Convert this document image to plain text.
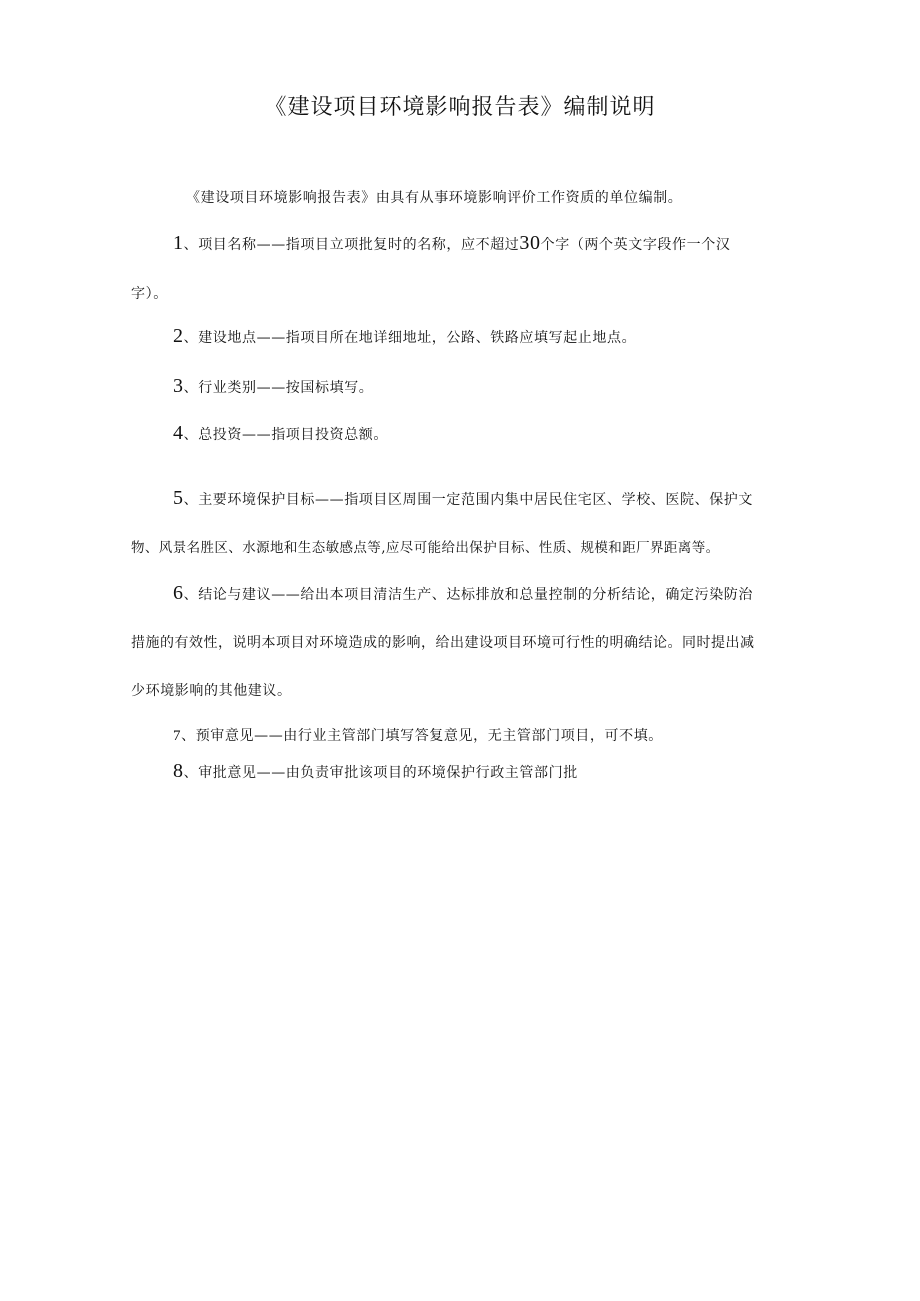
《建设项目环境影响报告表》编制说明
《建设项目环境影响报告表》由具有从事环境影响评价工作资质的单位编制。
1、项目名称——指项目立项批复时的名称，应不超过30个字（两个英文字段作一个汉
字）。
2、建设地点——指项目所在地详细地址，公路、铁路应填写起止地点。
3、行业类别——按国标填写。
4、总投资——指项目投资总额。
5、主要环境保护目标——指项目区周围一定范围内集中居民住宅区、学校、医院、保护文
物、风景名胜区、水源地和生态敏感点等,应尽可能给出保护目标、性质、规模和距厂界距离等。
6、结论与建议——给出本项目清洁生产、达标排放和总量控制的分析结论，确定污染防治
措施的有效性，说明本项目对环境造成的影响，给出建设项目环境可行性的明确结论。同时提出减
少环境影响的其他建议。
7、预审意见——由行业主管部门填写答复意见，无主管部门项目，可不填。
8、审批意见——由负责审批该项目的环境保护行政主管部门批
